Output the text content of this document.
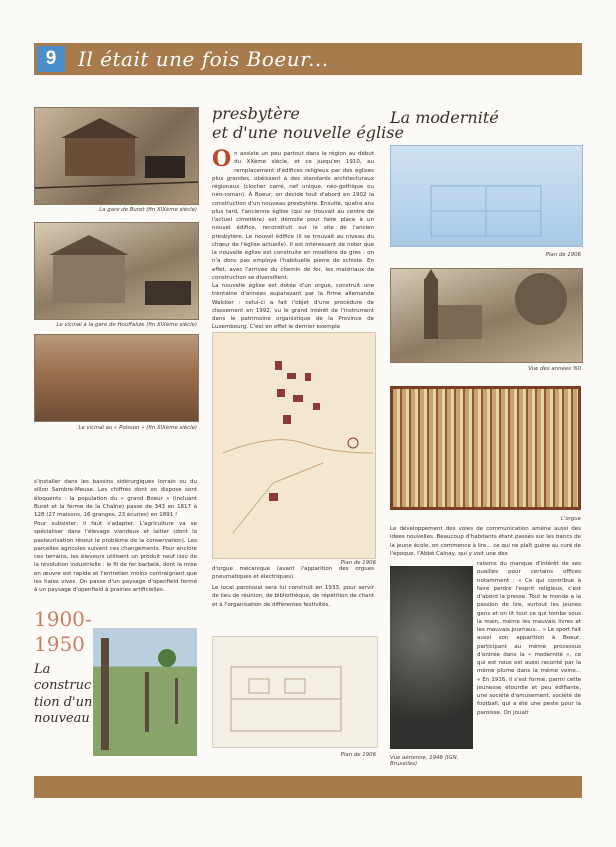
9	Il était une fois Boeur...
La gare de Buret (fin XIXème siècle)
Le vicinal à la gare de Houffalize (fin XIXème siècle)
Le vicinal au « Poisson » (fin XIXème siècle)
s'installer dans les bassins sidérurgiques lorrain ou du sillon Sambre-Meuse. Les chiffres dont on dispose sont éloquents : la population du « grand Boeur » (incluant Buret et la ferme de la Chaîne) passe de 343 en 1817 à 128 (27 maisons, 16 granges, 23 écuries) en 1891 !
Pour subsister, il faut s'adapter. L'agriculture va se spécialiser dans l'élevage viandeux et laitier (dont la pasteurisation résout le problème de la conservation). Les parcelles agricoles suivent ces changements. Pour enclore ces terrains, les éleveurs utilisent un produit neuf issu de la révolution industrielle : le fil de fer barbelé, dont la mise en œuvre est rapide et l'entretien moins contraignant que les haies vives. On passe d'un paysage d'openfield fermé à un paysage d'openfield à prairies artificielles.
1900-
1950
La
construc
tion d'un
nouveau
presbytère
et d'une nouvelle église
On assiste un peu partout dans la région au début du XXème siècle, et ce jusqu'en 1910, au remplacement d'édifices religieux par des églises plus grandes, obéissant à des standards architecturaux régionaux (clocher carré, nef unique, néo-gothique ou néo-roman). À Boeur, on décide tout d'abord en 1902 la construction d'un nouveau presbytère. Ensuite, quatre ans plus tard, l'ancienne église (qui se trouvait au centre de l'actuel cimetière) est démolie pour faire place à un nouvel édifice, reconstruit sur le site de l'ancien presbytère. Le nouvel édifice (il se trouvait au niveau du chœur de l'église actuelle). Il est intéressant de noter que la nouvelle église est construite en moellons de grès : on n'a donc pas employé l'habituelle pierre de schiste. En effet, avec l'arrivée du chemin de fer, les matériaux de construction se diversifient.
La nouvelle église est dotée d'un orgue, construit une trentaine d'années auparavant par la firme allemande Walcker : celui-ci a fait l'objet d'une procédure de classement en 1992, vu le grand intérêt de l'instrument dans le patrimoine organistique de la Province de Luxembourg. C'est en effet le dernier exemple
Plan de 1906
d'orgue mécanique (avant l'apparition des orgues pneumatiques et électriques).
Le local paroissial sera lui construit en 1933, pour servir de lieu de réunion, de bibliothèque, de répétition de chant et à l'organisation de différentes festivités.
Plan de 1906
La modernité
Plan de 1906
Vue des années '60
L'orgue
Le développement des voies de communication amène aussi des idées nouvelles. Beaucoup d'habitants étant passés sur les bancs de la jeune école, on commence à lire... ce qui ne plaît guère au curé de l'époque, l'Abbé Calnay, qui y voit une des
raisons du manque d'intérêt de ses ouailles pour certains offices notamment : « Ce qui contribue à faire perdre l'esprit religieux, c'est d'abord la presse. Tout le monde a la passion de lire, surtout les jeunes gens et on lit tout ce qui tombe sous la main, même les mauvais livres et les mauvais journaux... » Le sport fait aussi son apparition à Boeur, participant au même processus d'entrée dans la « modernité », ce qui est nous est aussi raconté par la même plume dans la même veine... « En 1916, il s'est formé, parmi cette jeunesse étourdie et peu édifiante, une société d'amusement, société de football, qui a été une peste pour la paroisse. On jouait
Vue aérienne, 1948 (IGN, Bruxelles)
